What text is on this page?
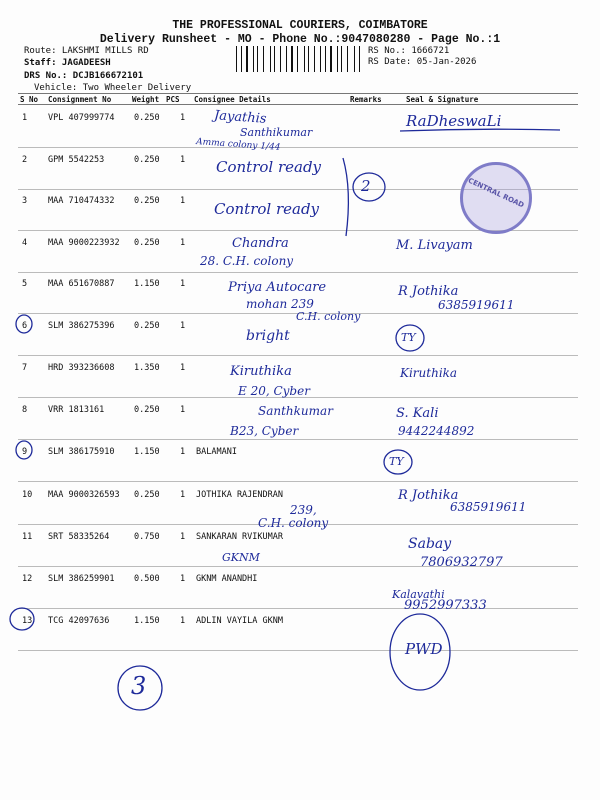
THE PROFESSIONAL COURIERS, COIMBATORE
Delivery Runsheet - MO - Phone No.:9047080280 - Page No.:1
Route: LAKSHMI MILLS RD
Staff: JAGADEESH
DRS No.: DCJB166672101
Vehicle: Two Wheeler Delivery
RS No.: 1666721
RS Date: 05-Jan-2026
S No Consignment No	Weight PCS Consignee Details	Remarks	Seal & Signature
1 VPL 407999774 0.250 1
2 GPM 5542253	0.250 1
3 MAA 710474332 0.250 1
4 MAA 9000223932 0.250 1
5 MAA 651670887 1.150 1
6 SLM 386275396 0.250 1
7 HRD 393236608 1.350 1
8 VRR 1813161	0.250 1
9 SLM 386175910 1.150 1 BALAMANI
10 MAA 9000326593 0.250 1 JOTHIKA RAJENDRAN
11 SRT 58335264	0.750 1 SANKARAN RVIKUMAR
12 SLM 386259901 0.500 1 GKNM ANANDHI
13 TCG 42097636	1.150 1 ADLIN VAYILA GKNM
CENTRAL ROAD
Jayathis
Santhikumar
Amma colony 1/44
RaDheswaLi
Control ready
2
Control ready
Chandra
28. C.H. colony
M. Livayam
Priya Autocare
mohan 239
C.H. colony
R Jothika
6385919611
bright	TY
Kiruthika
E 20, Cyber
Kiruthika
Santhkumar
B23, Cyber
S. Kali
9442244892
TY
R Jothika
6385919611
239,
C.H. colony
GKNM
Sabay
7806932797
Kalavathi
9952997333
PWD
3
